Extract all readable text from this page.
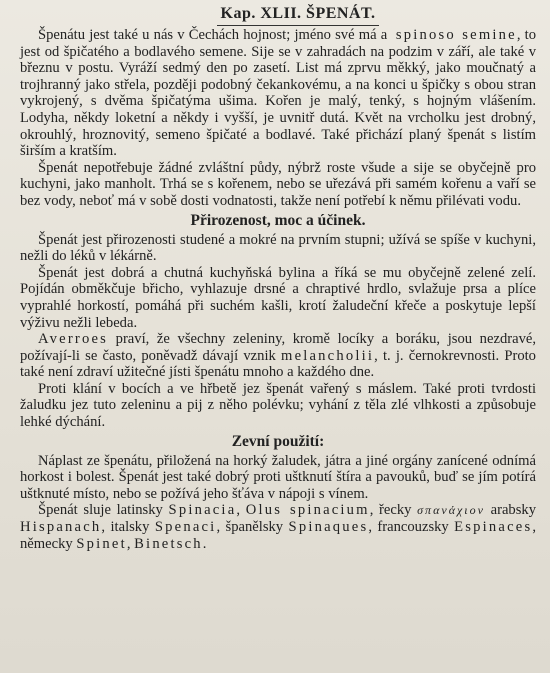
Kap. XLII. ŠPENÁT.

Špenátu jest také u nás v Čechách hojnost; jméno své má a spinoso semine, to jest od špičatého a bodlavého semene. Sije se v zahradách na podzim v září, ale také v březnu v postu. Vyráží sedmý den po zasetí. List má zprvu měkký, jako moučnatý a trojhranný jako střela, později podobný čekankovému, a na konci u špičky s obou stran vykrojený, s dvěma špičatýma ušima. Kořen je malý, tenký, s hojným vlášením. Lodyha, někdy loketní a někdy i vyšší, je uvnitř dutá. Květ na vrcholku jest drobný, okrouhlý, hroznovitý, semeno špičaté a bodlavé. Také přichází planý špenát s listím širším a kratším.

Špenát nepotřebuje žádné zvláštní půdy, nýbrž roste všude a sije se obyčejně pro kuchyni, jako manholt. Trhá se s kořenem, nebo se uřezává při samém kořenu a vaří se bez vody, neboť má v sobě dosti vodnatosti, takže není potřebí k němu přilévati vodu.

Přirozenost, moc a účinek.

Špenát jest přirozenosti studené a mokré na prvním stupni; užívá se spíše v kuchyni, nežli do léků v lékárně.

Špenát jest dobrá a chutná kuchyňská bylina a říká se mu obyčejně zelené zelí. Pojídán obměkčuje břicho, vyhlazuje drsné a chraptivé hrdlo, svlažuje prsa a plíce vyprahlé horkostí, pomáhá při suchém kašli, krotí žaludeční křeče a poskytuje lepší výživu nežli lebeda.

Averroes praví, že všechny zeleniny, kromě locíky a boráku, jsou nezdravé, požívají-li se často, poněvadž dávají vznik melancholii, t. j. černokrevnosti. Proto také není zdraví užitečné jísti špenátu mnoho a každého dne.

Proti klání v bocích a ve hřbetě jez špenát vařený s máslem. Také proti tvrdosti žaludku jez tuto zeleninu a pij z něho polévku; vyhání z těla zlé vlhkosti a způsobuje lehké dýchání.

Zevní použití:

Náplast ze špenátu, přiložená na horký žaludek, játra a jiné orgány zanícené odnímá horkost i bolest. Špenát jest také dobrý proti uštknutí štíra a pavouků, buď se jím potírá uštknuté místo, nebo se požívá jeho šťáva v nápoji s vínem.

Špenát sluje latinsky Spinacia, Olus spinacium, řecky σπανάχιον arabsky Hispanach, italsky Spenaci, španělsky Spinaques, francouzsky Espinaces, německy Spinet, Binetsch.
